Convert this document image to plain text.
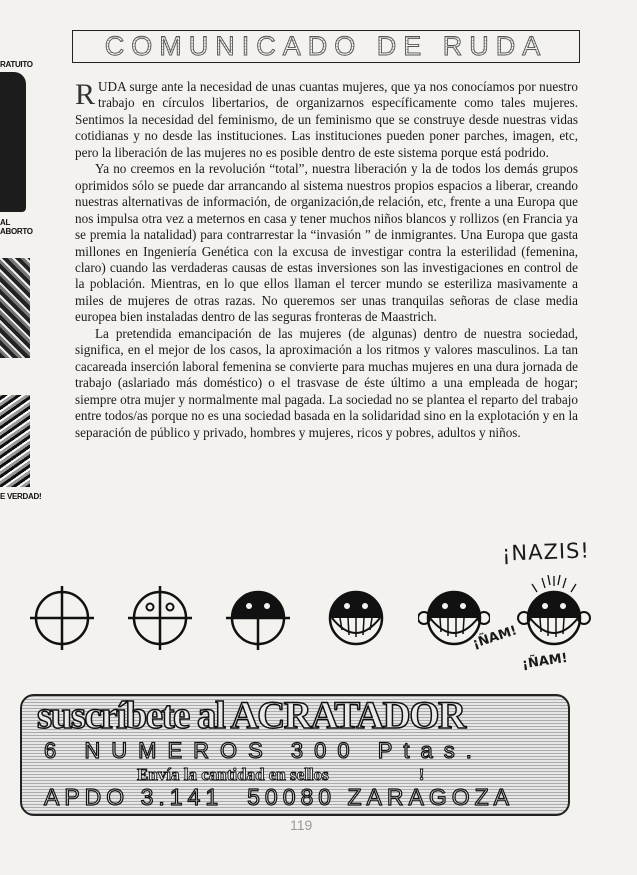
RATUITO
AL ABORTO
E VERDAD!
COMUNICADO DE RUDA

RUDA surge ante la necesidad de unas cuantas mujeres, que ya nos conocíamos por nuestro trabajo en círculos libertarios, de organizarnos específicamente como tales mujeres. Sentimos la necesidad del feminismo, de un feminismo que se construye desde nuestras vidas cotidianas y no desde las instituciones. Las instituciones pueden poner parches, imagen, etc, pero la liberación de las mujeres no es posible dentro de este sistema porque está podrido.

Ya no creemos en la revolución “total”, nuestra liberación y la de todos los demás grupos oprimidos sólo se puede dar arrancando al sistema nuestros propios espacios a liberar, creando nuestras alternativas de información, de organización,de relación, etc, frente a una Europa que nos impulsa otra vez a meternos en casa y tener muchos niños blancos y rollizos (en Francia ya se premia la natalidad) para contrarrestar la “invasión ” de inmigrantes. Una Europa que gasta millones en Ingeniería Genética con la excusa de investigar contra la esterilidad (femenina, claro) cuando las verdaderas causas de estas inversiones son las investigaciones en control de la población. Mientras, en lo que ellos llaman el tercer mundo se esteriliza masivamente a miles de mujeres de otras razas. No queremos ser unas tranquilas señoras de clase media europea bien instaladas dentro de las seguras fronteras de Maastrich.

La pretendida emancipación de las mujeres (de algunas) dentro de nuestra sociedad, significa, en el mejor de los casos, la aproximación a los ritmos y valores masculinos. La tan cacareada inserción laboral femenina se convierte para muchas mujeres en una dura jornada de trabajo (aslariado más doméstico) o el trasvase de éste último a una empleada de hogar; siempre otra mujer y normalmente mal pagada. La sociedad no se plantea el reparto del trabajo entre todos/as porque no es una sociedad basada en la solidaridad sino en la explotación y en la separación de público y privado, hombres y mujeres, ricos y pobres, adultos y niños.

¡NAZIS!
¡ÑAM!
¡ÑAM!
suscríbete al ACRATADOR
6 NUMEROS 300 Ptas.
Envía la cantidad en sellos	!
APDO 3.141 50080 ZARAGOZA
119
